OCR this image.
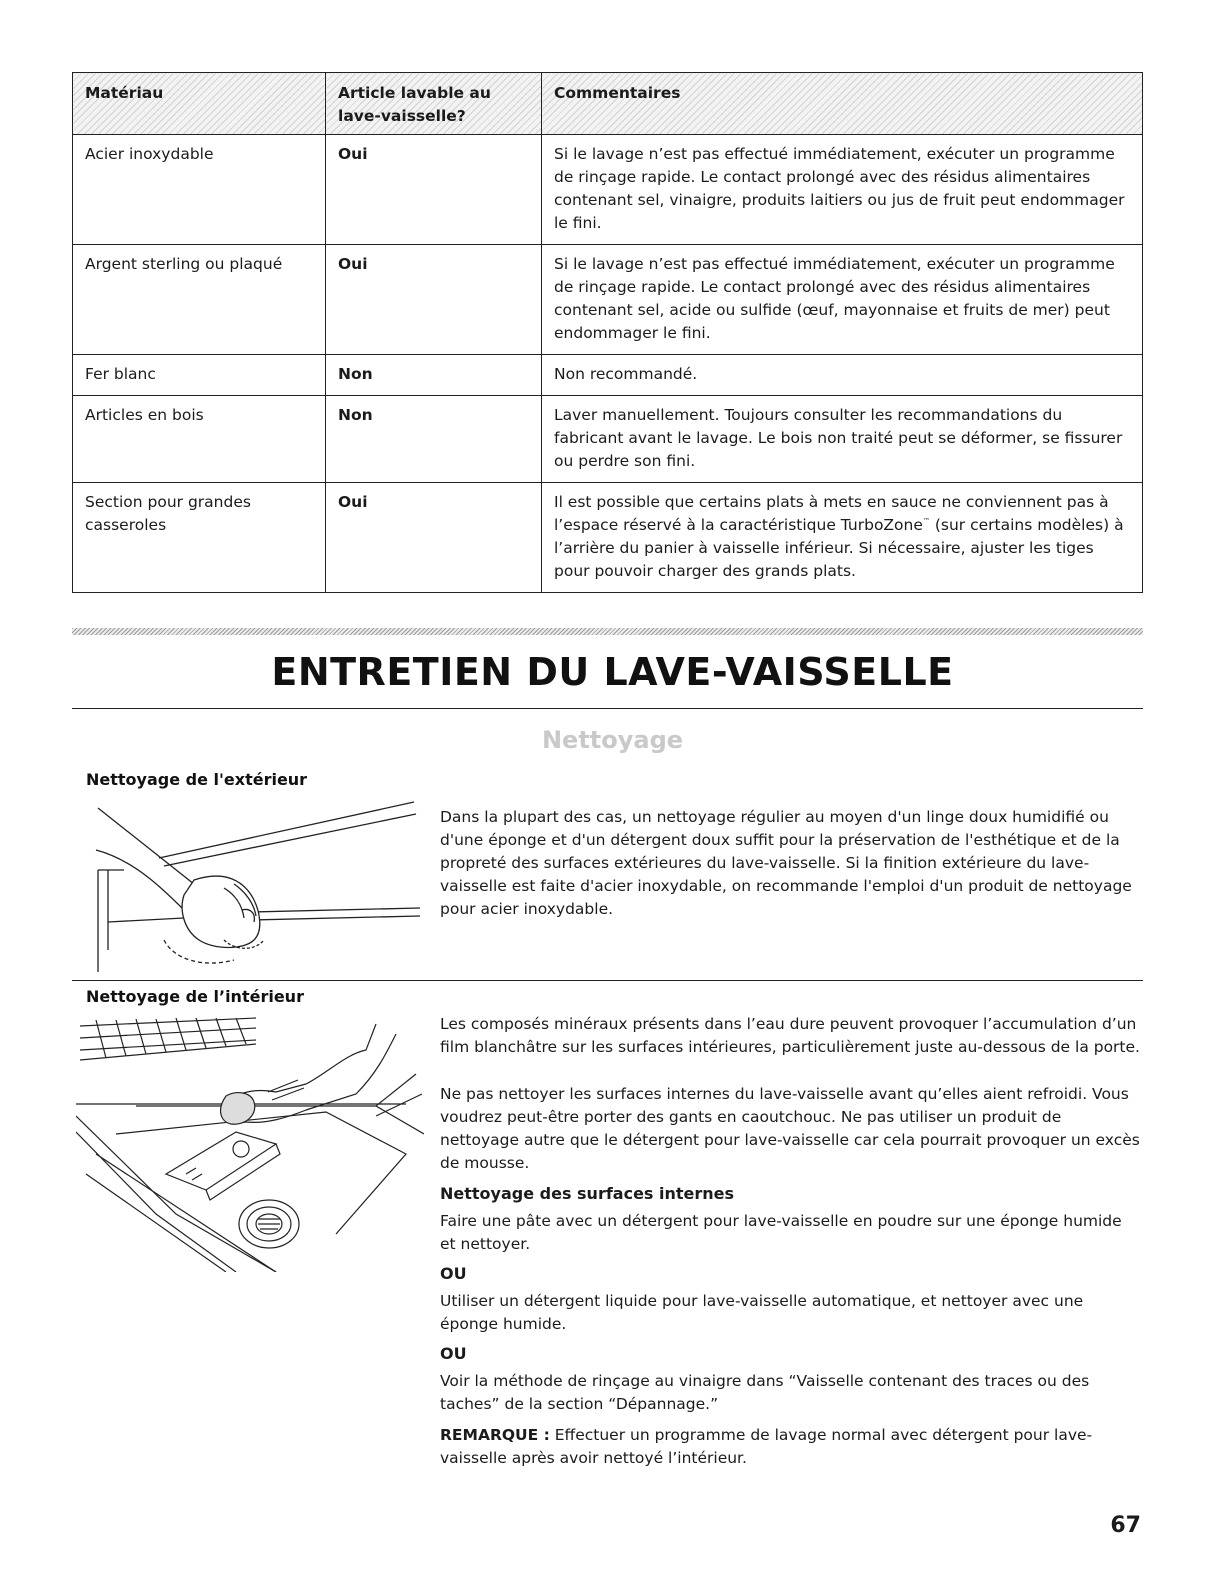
Matériau	Article lavable au lave-vaisselle?	Commentaires
Acier inoxydable	Oui	Si le lavage n’est pas effectué immédiatement, exécuter un programme de rinçage rapide. Le contact prolongé avec des résidus alimentaires contenant sel, vinaigre, produits laitiers ou jus de fruit peut endommager le fini.
Argent sterling ou plaqué	Oui	Si le lavage n’est pas effectué immédiatement, exécuter un programme de rinçage rapide. Le contact prolongé avec des résidus alimentaires contenant sel, acide ou sulfide (œuf, mayonnaise et fruits de mer) peut endommager le fini.
Fer blanc	Non	Non recommandé.
Articles en bois	Non	Laver manuellement. Toujours consulter les recommandations du fabricant avant le lavage. Le bois non traité peut se déformer, se fissurer ou perdre son fini.
Section pour grandes casseroles	Oui	Il est possible que certains plats à mets en sauce ne conviennent pas à l’espace réservé à la caractéristique TurboZone™ (sur certains modèles) à l’arrière du panier à vaisselle inférieur. Si nécessaire, ajuster les tiges pour pouvoir charger des grands plats.
ENTRETIEN DU LAVE-VAISSELLE
Nettoyage
Nettoyage de l'extérieur

Dans la plupart des cas, un nettoyage régulier au moyen d'un linge doux humidifié ou d'une éponge et d'un détergent doux suffit pour la préservation de l'esthétique et de la propreté des surfaces extérieures du lave-vaisselle. Si la finition extérieure du lave-vaisselle est faite d'acier inoxydable, on recommande l'emploi d'un produit de nettoyage pour acier inoxydable.

Nettoyage de l’intérieur

Les composés minéraux présents dans l’eau dure peuvent provoquer l’accumulation d’un film blanchâtre sur les surfaces intérieures, particulièrement juste au-dessous de la porte.

Ne pas nettoyer les surfaces internes du lave-vaisselle avant qu’elles aient refroidi. Vous voudrez peut-être porter des gants en caoutchouc. Ne pas utiliser un produit de nettoyage autre que le détergent pour lave-vaisselle car cela pourrait provoquer un excès de mousse.

Nettoyage des surfaces internes

Faire une pâte avec un détergent pour lave-vaisselle en poudre sur une éponge humide et nettoyer.

OU

Utiliser un détergent liquide pour lave-vaisselle automatique, et nettoyer avec une éponge humide.

OU

Voir la méthode de rinçage au vinaigre dans “Vaisselle contenant des traces ou des taches” de la section “Dépannage.”

REMARQUE : Effectuer un programme de lavage normal avec détergent pour lave-vaisselle après avoir nettoyé l’intérieur.

67
